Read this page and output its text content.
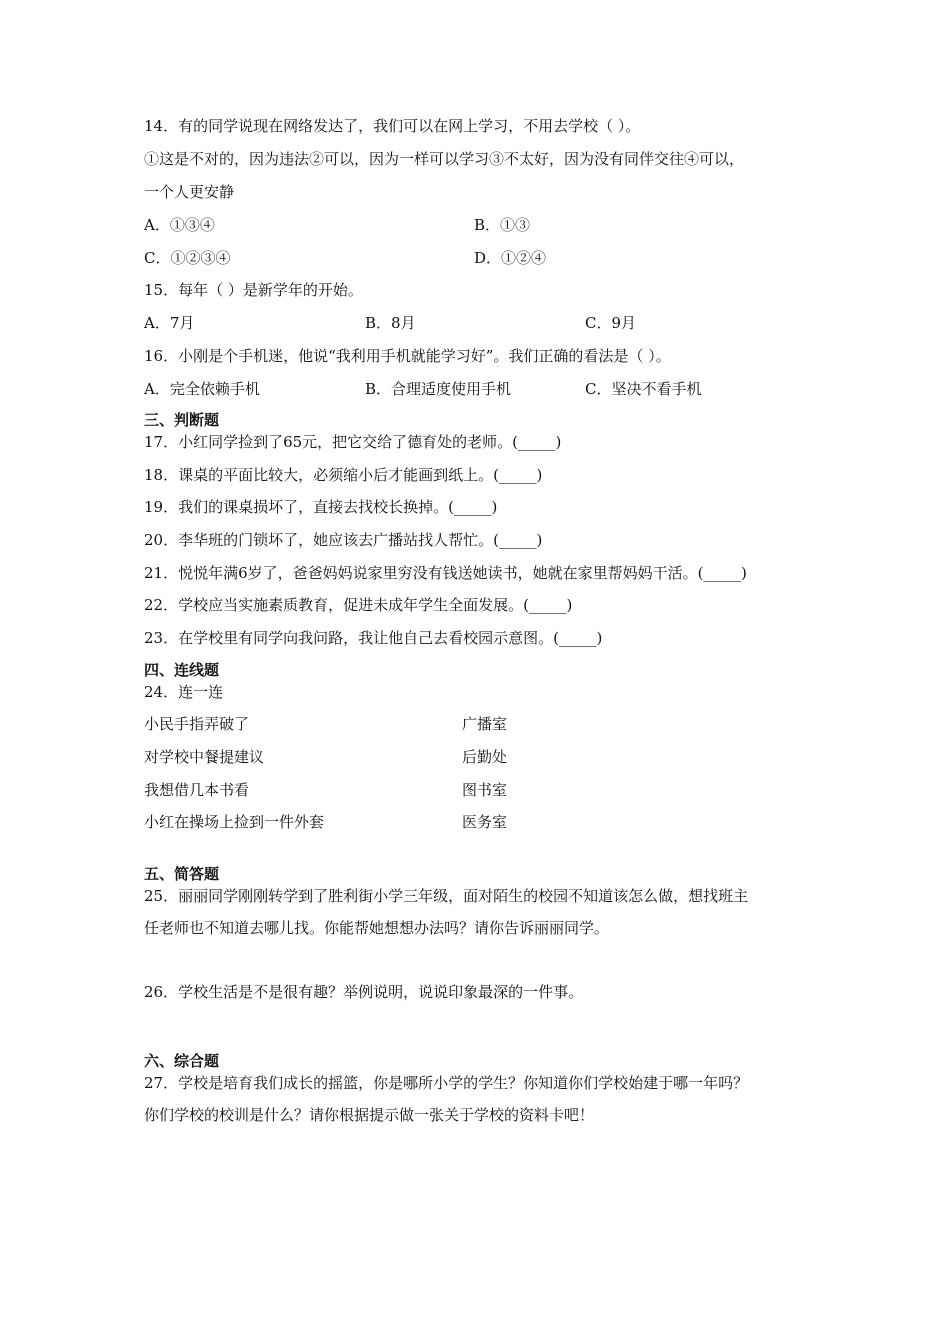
14．有的同学说现在网络发达了，我们可以在网上学习，不用去学校（ ）。
①这是不对的，因为违法②可以，因为一样可以学习③不太好，因为没有同伴交往④可以，
一个人更安静
A．①③④	B．①③
C．①②③④	D．①②④
15．每年（ ）是新学年的开始。
A．7月	B．8月	C．9月
16．小刚是个手机迷，他说“我利用手机就能学习好”。我们正确的看法是（ ）。
A．完全依赖手机	B．合理适度使用手机	C．坚决不看手机
三、判断题
17．小红同学捡到了65元，把它交给了德育处的老师。(_____)
18．课桌的平面比较大，必须缩小后才能画到纸上。(_____)
19．我们的课桌损坏了，直接去找校长换掉。(_____)
20．李华班的门锁坏了，她应该去广播站找人帮忙。(_____)
21．悦悦年满6岁了，爸爸妈妈说家里穷没有钱送她读书，她就在家里帮妈妈干活。(_____)
22．学校应当实施素质教育，促进未成年学生全面发展。(_____)
23．在学校里有同学向我问路，我让他自己去看校园示意图。(_____)
四、连线题
24．连一连
小民手指弄破了	广播室
对学校中餐提建议	后勤处
我想借几本书看	图书室
小红在操场上捡到一件外套	医务室
五、简答题
25．丽丽同学刚刚转学到了胜利街小学三年级，面对陌生的校园不知道该怎么做，想找班主
任老师也不知道去哪儿找。你能帮她想想办法吗？请你告诉丽丽同学。
26．学校生活是不是很有趣？举例说明，说说印象最深的一件事。
六、综合题
27．学校是培育我们成长的摇篮，你是哪所小学的学生？你知道你们学校始建于哪一年吗？
你们学校的校训是什么？请你根据提示做一张关于学校的资料卡吧！
